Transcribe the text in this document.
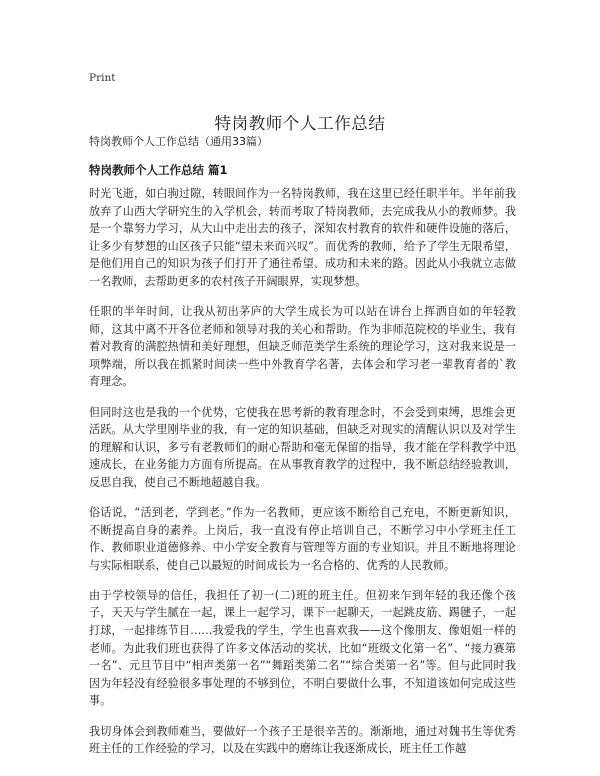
Print
特岗教师个人工作总结
特岗教师个人工作总结（通用33篇）
特岗教师个人工作总结 篇1

时光飞逝，如白驹过隙，转眼间作为一名特岗教师，我在这里已经任职半年。半年前我放弃了山西大学研究生的入学机会，转而考取了特岗教师，去完成我从小的教师梦。我是一个靠努力学习，从大山中走出去的孩子，深知农村教育的软件和硬件设施的落后，让多少有梦想的山区孩子只能“望未来而兴叹”。而优秀的教师，给予了学生无限希望，是他们用自己的知识为孩子们打开了通往希望、成功和未来的路。因此从小我就立志做一名教师，去帮助更多的农村孩子开阔眼界，实现梦想。

任职的半年时间，让我从初出茅庐的大学生成长为可以站在讲台上挥洒自如的年轻教师，这其中离不开各位老师和领导对我的关心和帮助。作为非师范院校的毕业生，我有着对教育的满腔热情和美好理想，但缺乏师范类学生系统的理论学习，这对我来说是一项弊端，所以我在抓紧时间读一些中外教育学名著，去体会和学习老一辈教育者的`教育理念。

但同时这也是我的一个优势，它使我在思考新的教育理念时，不会受到束缚，思维会更活跃。从大学里刚毕业的我，有一定的知识基础，但缺乏对现实的清醒认识以及对学生的理解和认识，多亏有老教师们的耐心帮助和毫无保留的指导，我才能在学科教学中迅速成长，在业务能力方面有所提高。在从事教育教学的过程中，我不断总结经验教训，反思自我，使自己不断地超越自我。

俗话说，“活到老，学到老。”作为一名教师，更应该不断给自己充电，不断更新知识，不断提高自身的素养。上岗后，我一直没有停止培训自己，不断学习中小学班主任工作、教师职业道德修养、中小学安全教育与管理等方面的专业知识。并且不断地将理论与实际相联系，使自己以最短的时间成长为一名合格的、优秀的人民教师。

由于学校领导的信任，我担任了初一(二)班的班主任。但初来乍到年轻的我还像个孩子，天天与学生腻在一起，课上一起学习，课下一起聊天，一起跳皮筋、踢毽子，一起打球，一起排练节目……我爱我的学生，学生也喜欢我——这个像朋友、像姐姐一样的老师。为此我们班也获得了许多文体活动的奖状，比如“班级文化第一名”、“接力赛第一名”、元旦节目中“相声类第一名”“舞蹈类第二名”“综合类第一名”等。但与此同时我因为年轻没有经验很多事处理的不够到位，不明白要做什么事，不知道该如何完成这些事。

我切身体会到教师难当，要做好一个孩子王是很辛苦的。渐渐地，通过对魏书生等优秀班主任的工作经验的学习，以及在实践中的磨练让我逐渐成长，班主任工作越
